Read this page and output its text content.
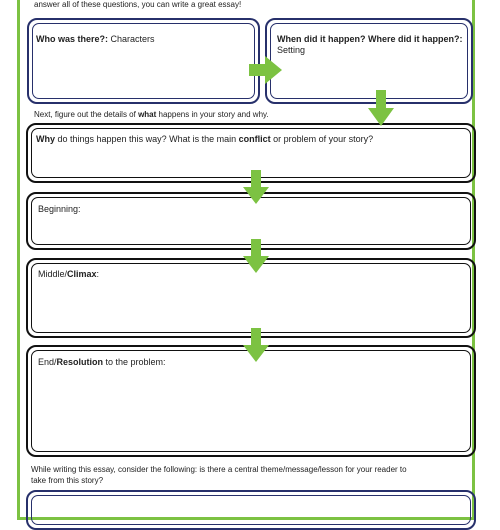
answer all of these questions, you can write a great essay!
Who was there?: Characters	When did it happen? Where did it happen?:
Setting
Next, figure out the details of what happens in your story and why.
Why do things happen this way? What is the main conflict or problem of your story?
Beginning:
Middle/Climax:
End/Resolution to the problem:
While writing this essay, consider the following: is there a central theme/message/lesson for your reader to
take from this story?
